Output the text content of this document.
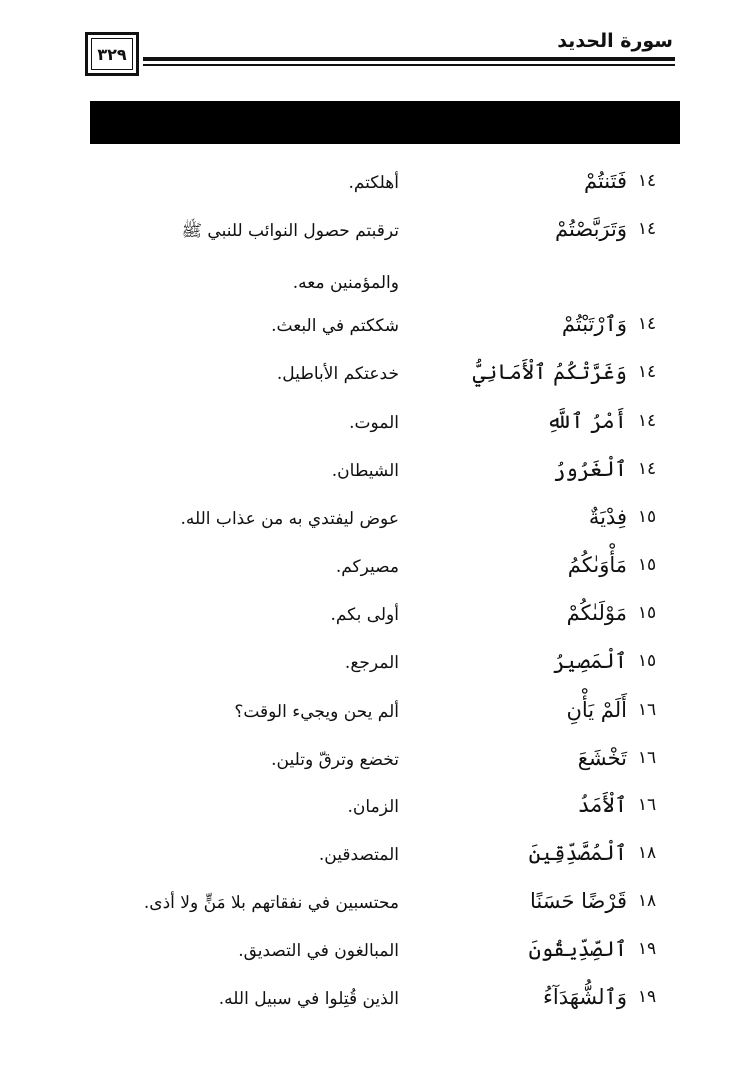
سورة الحديد
٣٢٩
١٤
فَتَنتُمْ
أهلكتم.
١٤
وَتَرَبَّصْتُمْ
ترقبتم حصول النوائب للنبي ﷺ والمؤمنين معه.
١٤
وَٱرْتَبْتُمْ
شككتم في البعث.
١٤
وَغَرَّتْكُمُ ٱلْأَمَانِيُّ
خدعتكم الأباطيل.
١٤
أَمْرُ ٱللَّهِ
الموت.
١٤
ٱلْغَرُورُ
الشيطان.
١٥
فِدْيَةٌ
عوض ليفتدي به من عذاب الله.
١٥
مَأْوَىٰكُمُ
مصيركم.
١٥
مَوْلَىٰكُمْ
أولى بكم.
١٥
ٱلْمَصِيرُ
المرجع.
١٦
أَلَمْ يَأْنِ
ألم يحن ويجيء الوقت؟
١٦
تَخْشَعَ
تخضع وترقّ وتلين.
١٦
ٱلْأَمَدُ
الزمان.
١٨
ٱلْمُصَّدِّقِينَ
المتصدقين.
١٨
قَرْضًا حَسَنًا
محتسبين في نفقاتهم بلا مَنٍّ ولا أذى.
١٩
ٱلصِّدِّيقُونَ
المبالغون في التصديق.
١٩
وَٱلشُّهَدَآءُ
الذين قُتِلوا في سبيل الله.
